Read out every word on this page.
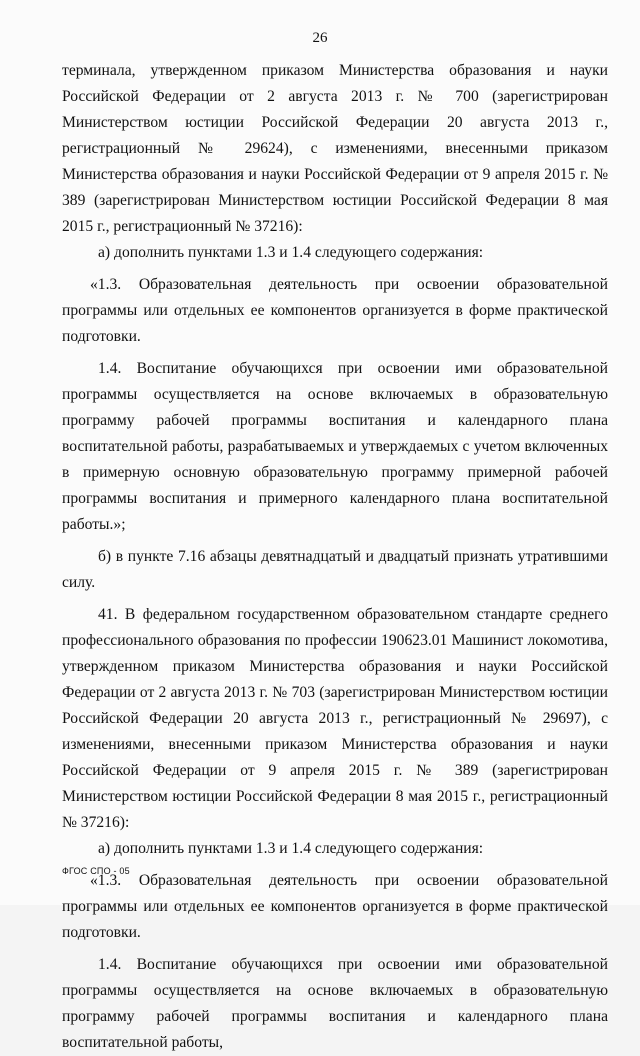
26

терминала, утвержденном приказом Министерства образования и науки Российской Федерации от 2 августа 2013 г. № 700 (зарегистрирован Министерством юстиции Российской Федерации 20 августа 2013 г., регистрационный № 29624), с изменениями, внесенными приказом Министерства образования и науки Российской Федерации от 9 апреля 2015 г. № 389 (зарегистрирован Министерством юстиции Российской Федерации 8 мая 2015 г., регистрационный № 37216):

а) дополнить пунктами 1.3 и 1.4 следующего содержания:

«1.3. Образовательная деятельность при освоении образовательной программы или отдельных ее компонентов организуется в форме практической подготовки.

1.4. Воспитание обучающихся при освоении ими образовательной программы осуществляется на основе включаемых в образовательную программу рабочей программы воспитания и календарного плана воспитательной работы, разрабатываемых и утверждаемых с учетом включенных в примерную основную образовательную программу примерной рабочей программы воспитания и примерного календарного плана воспитательной работы.»;

б) в пункте 7.16 абзацы девятнадцатый и двадцатый признать утратившими силу.

41. В федеральном государственном образовательном стандарте среднего профессионального образования по профессии 190623.01 Машинист локомотива, утвержденном приказом Министерства образования и науки Российской Федерации от 2 августа 2013 г. № 703 (зарегистрирован Министерством юстиции Российской Федерации 20 августа 2013 г., регистрационный № 29697), с изменениями, внесенными приказом Министерства образования и науки Российской Федерации от 9 апреля 2015 г. № 389 (зарегистрирован Министерством юстиции Российской Федерации 8 мая 2015 г., регистрационный № 37216):

а) дополнить пунктами 1.3 и 1.4 следующего содержания:

«1.3. Образовательная деятельность при освоении образовательной программы или отдельных ее компонентов организуется в форме практической подготовки.

1.4. Воспитание обучающихся при освоении ими образовательной программы осуществляется на основе включаемых в образовательную программу рабочей программы воспитания и календарного плана воспитательной работы,

ФГОС СПО - 05
